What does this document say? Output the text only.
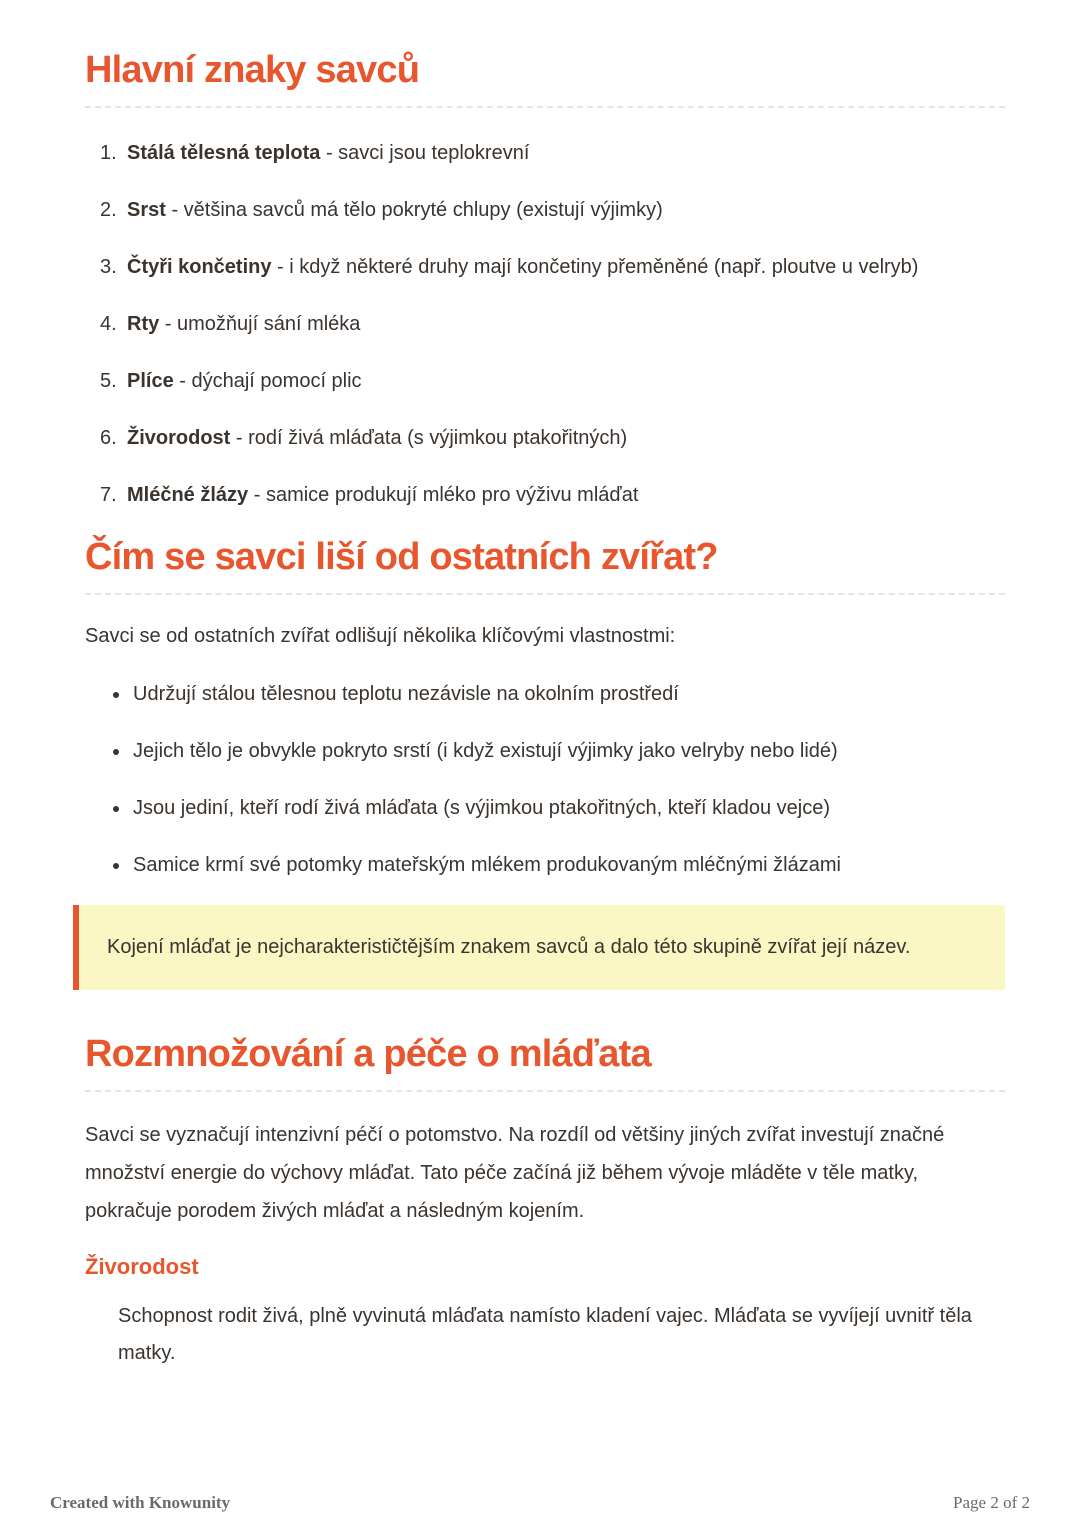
Hlavní znaky savců
1. Stálá tělesná teplota - savci jsou teplokrevní
2. Srst - většina savců má tělo pokryté chlupy (existují výjimky)
3. Čtyři končetiny - i když některé druhy mají končetiny přeměněné (např. ploutve u velryb)
4. Rty - umožňují sání mléka
5. Plíce - dýchají pomocí plic
6. Živorodost - rodí živá mláďata (s výjimkou ptakořitných)
7. Mléčné žlázy - samice produkují mléko pro výživu mláďat
Čím se savci liší od ostatních zvířat?

Savci se od ostatních zvířat odlišují několika klíčovými vlastnostmi:

• Udržují stálou tělesnou teplotu nezávisle na okolním prostředí
• Jejich tělo je obvykle pokryto srstí (i když existují výjimky jako velryby nebo lidé)
• Jsou jediní, kteří rodí živá mláďata (s výjimkou ptakořitných, kteří kladou vejce)
• Samice krmí své potomky mateřským mlékem produkovaným mléčnými žlázami
Kojení mláďat je nejcharakterističtějším znakem savců a dalo této skupině zvířat její název.
Rozmnožování a péče o mláďata

Savci se vyznačují intenzivní péčí o potomstvo. Na rozdíl od většiny jiných zvířat investují značné množství energie do výchovy mláďat. Tato péče začíná již během vývoje mláděte v těle matky, pokračuje porodem živých mláďat a následným kojením.

Živorodost

Schopnost rodit živá, plně vyvinutá mláďata namísto kladení vajec. Mláďata se vyvíjejí uvnitř těla matky.

Created with Knowunity	Page 2 of 2
